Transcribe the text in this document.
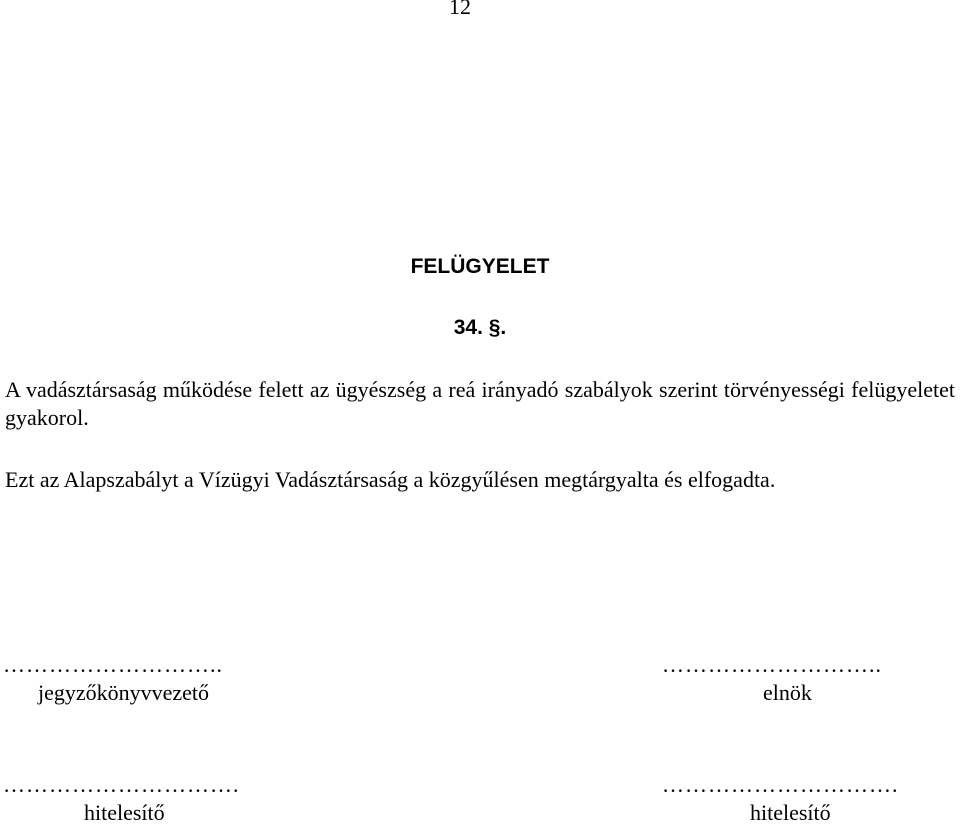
12
FELÜGYELET
34. §.

A vadásztársaság működése felett az ügyészség a reá irányadó szabályok szerint törvényességi felügyeletet gyakorol.

Ezt az Alapszabályt a Vízügyi Vadásztársaság a közgyűlésen megtárgyalta és elfogadta.

………………………..
jegyzőkönyvvezető
………………………..
elnök
………………………….
hitelesítő
………………………….
hitelesítő
